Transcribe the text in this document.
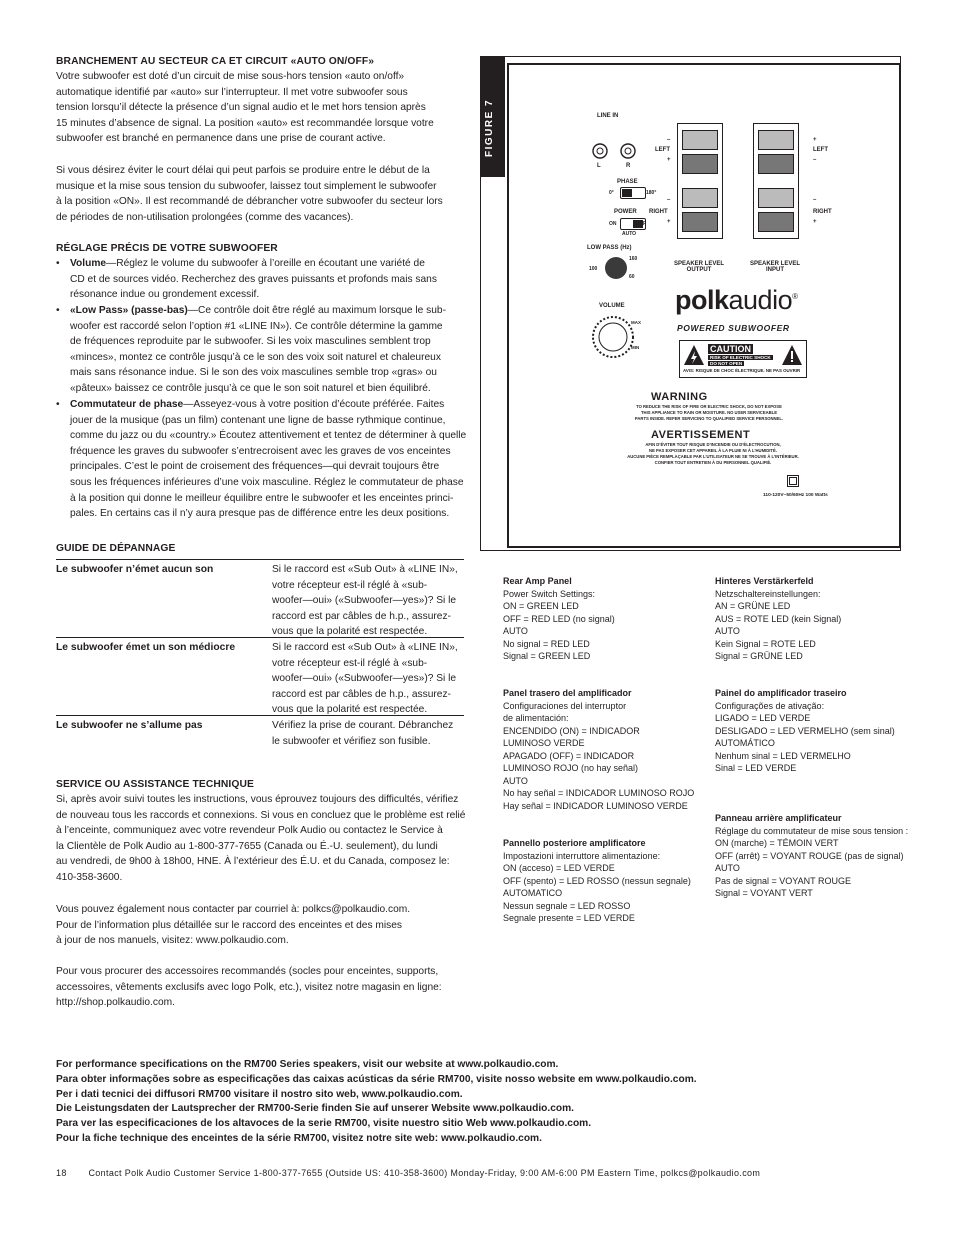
BRANCHEMENT AU SECTEUR CA ET CIRCUIT «AUTO ON/OFF»
Votre subwoofer est doté d’un circuit de mise sous-hors tension «auto on/off»
automatique identifié par «auto» sur l’interrupteur. Il met votre subwoofer sous
tension lorsqu’il détecte la présence d’un signal audio et le met hors tension après
15 minutes d’absence de signal. La position «auto» est recommandée lorsque votre
subwoofer est branché en permanence dans une prise de courant active.
Si vous désirez éviter le court délai qui peut parfois se produire entre le début de la
musique et la mise sous tension du subwoofer, laissez tout simplement le subwoofer
à la position «ON». Il est recommandé de débrancher votre subwoofer du secteur lors
de périodes de non-utilisation prolongées (comme des vacances).
RÉGLAGE PRÉCIS DE VOTRE SUBWOOFER
• Volume—Réglez le volume du subwoofer à l’oreille en écoutant une variété de
CD et de sources vidéo. Recherchez des graves puissants et profonds mais sans
résonance indue ou grondement excessif.
• «Low Pass» (passe-bas)—Ce contrôle doit être réglé au maximum lorsque le sub-
woofer est raccordé selon l’option #1 «LINE IN»). Ce contrôle détermine la gamme
de fréquences reproduite par le subwoofer. Si les voix masculines semblent trop
«minces», montez ce contrôle jusqu’à ce le son des voix soit naturel et chaleureux
mais sans résonance indue. Si le son des voix masculines semble trop «gras» ou
«pâteux» baissez ce contrôle jusqu’à ce que le son soit naturel et bien équilibré.
• Commutateur de phase—Asseyez-vous à votre position d’écoute préférée. Faites
jouer de la musique (pas un film) contenant une ligne de basse rythmique continue,
comme du jazz ou du «country.» Écoutez attentivement et tentez de déterminer à quelle
fréquence les graves du subwoofer s’entrecroisent avec les graves de vos enceintes
principales. C’est le point de croisement des fréquences—qui devrait toujours être
sous les fréquences inférieures d’une voix masculine. Réglez le commutateur de phase
à la position qui donne le meilleur équilibre entre le subwoofer et les enceintes princi-
pales. En certains cas il n’y aura presque pas de différence entre les deux positions.
GUIDE DE DÉPANNAGE
Le subwoofer n’émet aucun son	Si le raccord est «Sub Out» à «LINE IN»,
votre récepteur est-il réglé à «sub-
woofer—oui» («Subwoofer—yes»)? Si le
raccord est par câbles de h.p., assurez-
vous que la polarité est respectée.
Le subwoofer émet un son médiocre	Si le raccord est «Sub Out» à «LINE IN»,
votre récepteur est-il réglé à «sub-
woofer—oui» («Subwoofer—yes»)? Si le
raccord est par câbles de h.p., assurez-
vous que la polarité est respectée.
Le subwoofer ne s’allume pas	Vérifiez la prise de courant. Débranchez
le subwoofer et vérifiez son fusible.
SERVICE OU ASSISTANCE TECHNIQUE
Si, après avoir suivi toutes les instructions, vous éprouvez toujours des difficultés, vérifiez
de nouveau tous les raccords et connexions. Si vous en concluez que le problème est relié
à l’enceinte, communiquez avec votre revendeur Polk Audio ou contactez le Service à
la Clientèle de Polk Audio au 1-800-377-7655 (Canada ou É.-U. seulement), du lundi
au vendredi, de 9h00 à 18h00, HNE. À l’extérieur des É.U. et du Canada, composez le:
410-358-3600.
Vous pouvez également nous contacter par courriel à: polkcs@polkaudio.com.
Pour de l’information plus détaillée sur le raccord des enceintes et des mises
à jour de nos manuels, visitez: www.polkaudio.com.
Pour vous procurer des accessoires recommandés (socles pour enceintes, supports,
accessoires, vêtements exclusifs avec logo Polk, etc.), visitez notre magasin en ligne:
http://shop.polkaudio.com.
FIGURE 7	LINE IN
L	R
PHASE
0°	180°
POWER
ON	OFF
AUTO
LOW PASS (Hz)
100
160
60
VOLUME
MAX
MIN
–
LEFT
+
–
RIGHT
+
+
LEFT
–
–
RIGHT
+
SPEAKER LEVEL
OUTPUT
SPEAKER LEVEL
INPUT
polkaudio®
POWERED SUBWOOFER
CAUTION
RISK OF ELECTRIC SHOCK
DO NOT OPEN
AVIS: RISQUE DE CHOC ÉLECTRIQUE. NE PAS OUVRIR
WARNING
TO REDUCE THE RISK OF FIRE OR ELECTRIC SHOCK, DO NOT EXPOSE
THIS APPLIANCE TO RAIN OR MOISTURE. NO USER SERVICEABLE
PARTS INSIDE. REFER SERVICING TO QUALIFIED SERVICE PERSONNEL.
AVERTISSEMENT
AFIN D’ÉVITER TOUT RISQUE D’INCENDIE OU D’ÉLECTROCUTION,
NE PAS EXPOSER CET APPAREIL À LA PLUIE NI À L’HUMIDITÉ.
AUCUNE PIÈCE REMPLAÇABLE PAR L’UTILISATEUR NE SE TROUVE À L’INTÉRIEUR.
CONFIER TOUT ENTRETIEN À DU PERSONNEL QUALIFIÉ.
110-120V~50/60Hz 100 Watts
Rear Amp Panel
Power Switch Settings:
ON = GREEN LED
OFF = RED LED (no signal)
AUTO
No signal = RED LED
Signal = GREEN LED
Panel trasero del amplificador
Configuraciones del interruptor
de alimentación:
ENCENDIDO (ON) = INDICADOR
LUMINOSO VERDE
APAGADO (OFF) = INDICADOR
LUMINOSO ROJO (no hay señal)
AUTO
No hay señal = INDICADOR LUMINOSO ROJO
Hay señal = INDICADOR LUMINOSO VERDE
Pannello posteriore amplificatore
Impostazioni interruttore alimentazione:
ON (acceso) = LED VERDE
OFF (spento) = LED ROSSO (nessun segnale)
AUTOMATICO
Nessun segnale = LED ROSSO
Segnale presente = LED VERDE
Hinteres Verstärkerfeld
Netzschaltereinstellungen:
AN = GRÜNE LED
AUS = ROTE LED (kein Signal)
AUTO
Kein Signal = ROTE LED
Signal = GRÜNE LED
Painel do amplificador traseiro
Configurações de ativação:
LIGADO = LED VERDE
DESLIGADO = LED VERMELHO (sem sinal)
AUTOMÁTICO
Nenhum sinal = LED VERMELHO
Sinal = LED VERDE
Panneau arrière amplificateur
Réglage du commutateur de mise sous tension :
ON (marche) = TÉMOIN VERT
OFF (arrêt) = VOYANT ROUGE (pas de signal)
AUTO
Pas de signal = VOYANT ROUGE
Signal = VOYANT VERT
For performance specifications on the RM700 Series speakers, visit our website at www.polkaudio.com.
Para obter informações sobre as especificações das caixas acústicas da série RM700, visite nosso website em www.polkaudio.com.
Per i dati tecnici dei diffusori RM700 visitare il nostro sito web, www.polkaudio.com.
Die Leistungsdaten der Lautsprecher der RM700-Serie finden Sie auf unserer Website www.polkaudio.com.
Para ver las especificaciones de los altavoces de la serie RM700, visite nuestro sitio Web www.polkaudio.com.
Pour la fiche technique des enceintes de la série RM700, visitez notre site web: www.polkaudio.com.
18 Contact Polk Audio Customer Service 1-800-377-7655 (Outside US: 410-358-3600) Monday-Friday, 9:00 AM-6:00 PM Eastern Time, polkcs@polkaudio.com
